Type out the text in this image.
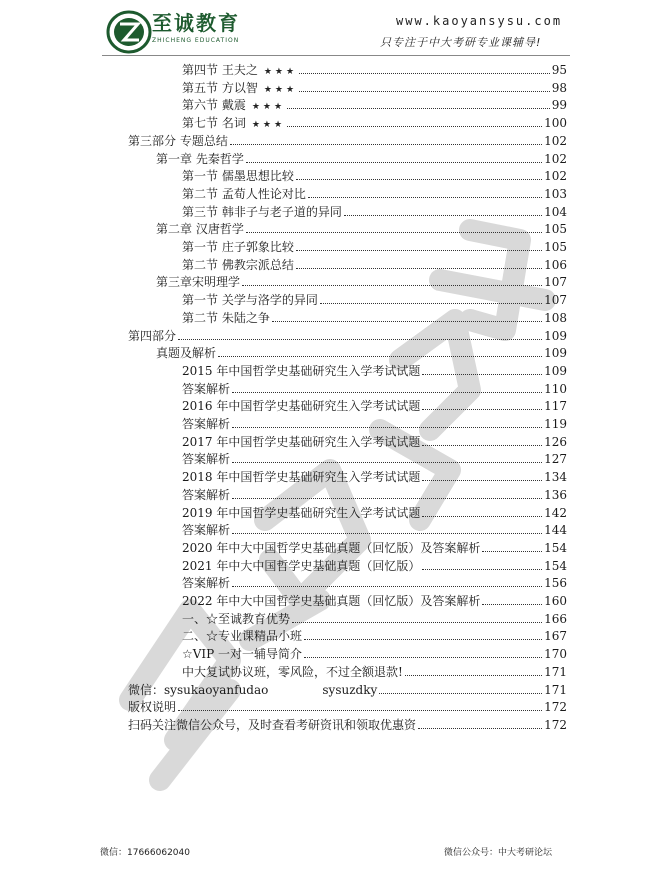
至诚教育
ZHICHENG EDUCATION
www.kaoyansysu.com
只专注于中大考研专业课辅导!
第四节 王夫之 ★★★	95
第五节 方以智 ★★★	98
第六节 戴震 ★★★	99
第七节 名词 ★★★	100
第三部分 专题总结	102
第一章 先秦哲学	102
第一节 儒墨思想比较	102
第二节 孟荀人性论对比	103
第三节 韩非子与老子道的异同	104
第二章 汉唐哲学	105
第一节 庄子郭象比较	105
第二节 佛教宗派总结	106
第三章宋明理学	107
第一节 关学与洛学的异同	107
第二节 朱陆之争	108
第四部分	109
真题及解析	109
2015 年中国哲学史基础研究生入学考试试题	109
答案解析	110
2016 年中国哲学史基础研究生入学考试试题	117
答案解析	119
2017 年中国哲学史基础研究生入学考试试题	126
答案解析	127
2018 年中国哲学史基础研究生入学考试试题	134
答案解析	136
2019 年中国哲学史基础研究生入学考试试题	142
答案解析	144
2020 年中大中国哲学史基础真题（回忆版）及答案解析	154
2021 年中大中国哲学史基础真题（回忆版）	154
答案解析	156
2022 年中大中国哲学史基础真题（回忆版）及答案解析	160
一、☆至诚教育优势	166
二、☆专业课精品小班	167
☆VIP 一对一辅导简介	170
中大复试协议班，零风险，不过全额退款!	171
微信：sysukaoyanfudao	sysuzdky	171
版权说明	172
扫码关注微信公众号，及时查看考研资讯和领取优惠资	172
微信：17666062040	微信公众号：中大考研论坛
